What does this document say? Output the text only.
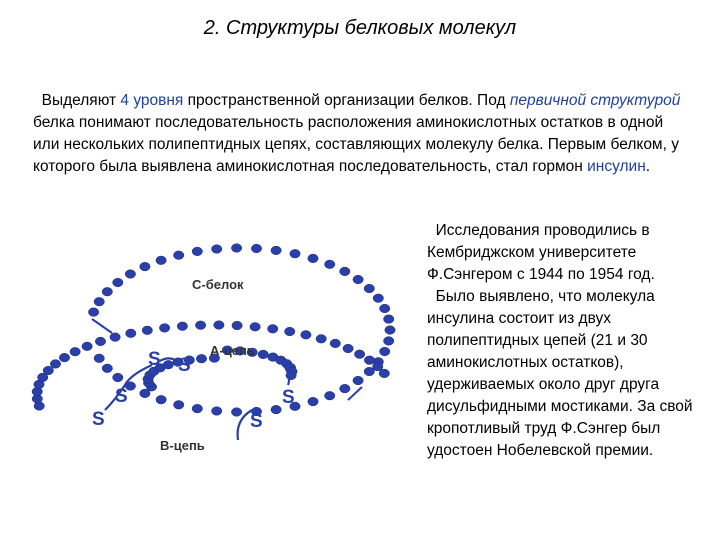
2. Структуры белковых молекул
Выделяют 4 уровня пространственной организации белков. Под первичной структурой белка понимают последовательность расположения аминокислотных остатков в одной или нескольких полипептидных цепях, составляющих молекулу белка. Первым белком, у которого была выявлена аминокислотная последовательность, стал гормон инсулин.
Исследования проводились в Кембриджском университете Ф.Сэнгером с 1944 по 1954 год.
Было выявлено, что молекула инсулина состоит из двух полипептидных цепей (21 и 30 аминокислотных остатков), удерживаемых около друг друга дисульфидными мостиками. За свой кропотливый труд Ф.Сэнгер был удостоен Нобелевской премии.
S S
S
S
S
S
С-белок
А-цепь
В-цепь
